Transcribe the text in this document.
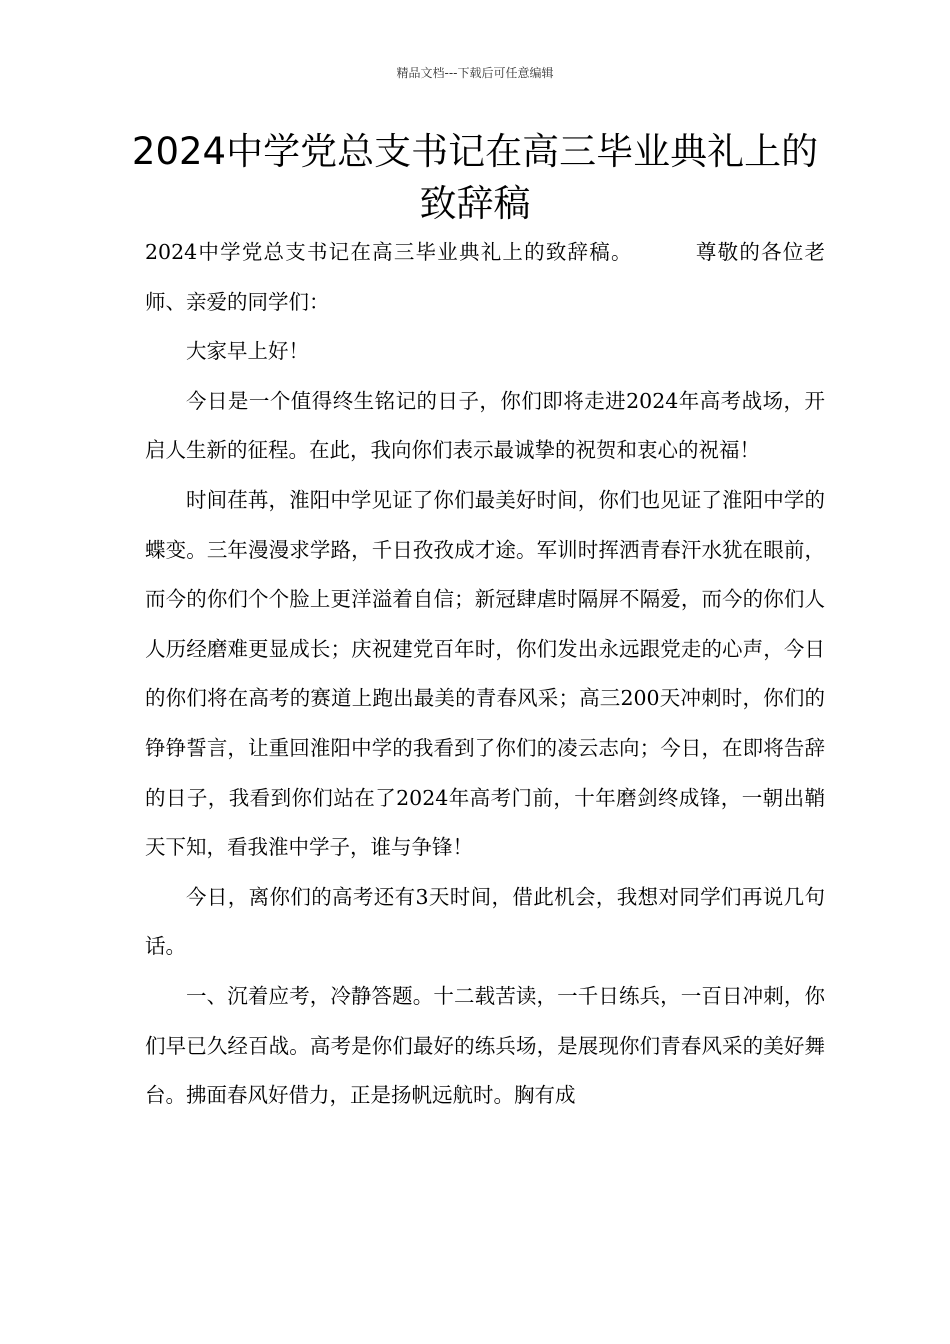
精品文档---下载后可任意编辑
2024中学党总支书记在高三毕业典礼上的致辞稿

2024中学党总支书记在高三毕业典礼上的致辞稿。	尊敬的各位老师、亲爱的同学们：

大家早上好！

今日是一个值得终生铭记的日子，你们即将走进2024年高考战场，开启人生新的征程。在此，我向你们表示最诚挚的祝贺和衷心的祝福！

时间荏苒，淮阳中学见证了你们最美好时间，你们也见证了淮阳中学的蝶变。三年漫漫求学路，千日孜孜成才途。军训时挥洒青春汗水犹在眼前，而今的你们个个脸上更洋溢着自信；新冠肆虐时隔屏不隔爱，而今的你们人人历经磨难更显成长；庆祝建党百年时，你们发出永远跟党走的心声，今日的你们将在高考的赛道上跑出最美的青春风采；高三200天冲刺时，你们的铮铮誓言，让重回淮阳中学的我看到了你们的凌云志向；今日，在即将告辞的日子，我看到你们站在了2024年高考门前，十年磨剑终成锋，一朝出鞘天下知，看我淮中学子，谁与争锋！

今日，离你们的高考还有3天时间，借此机会，我想对同学们再说几句话。

一、沉着应考，冷静答题。十二载苦读，一千日练兵，一百日冲刺，你们早已久经百战。高考是你们最好的练兵场，是展现你们青春风采的美好舞台。拂面春风好借力，正是扬帆远航时。胸有成
